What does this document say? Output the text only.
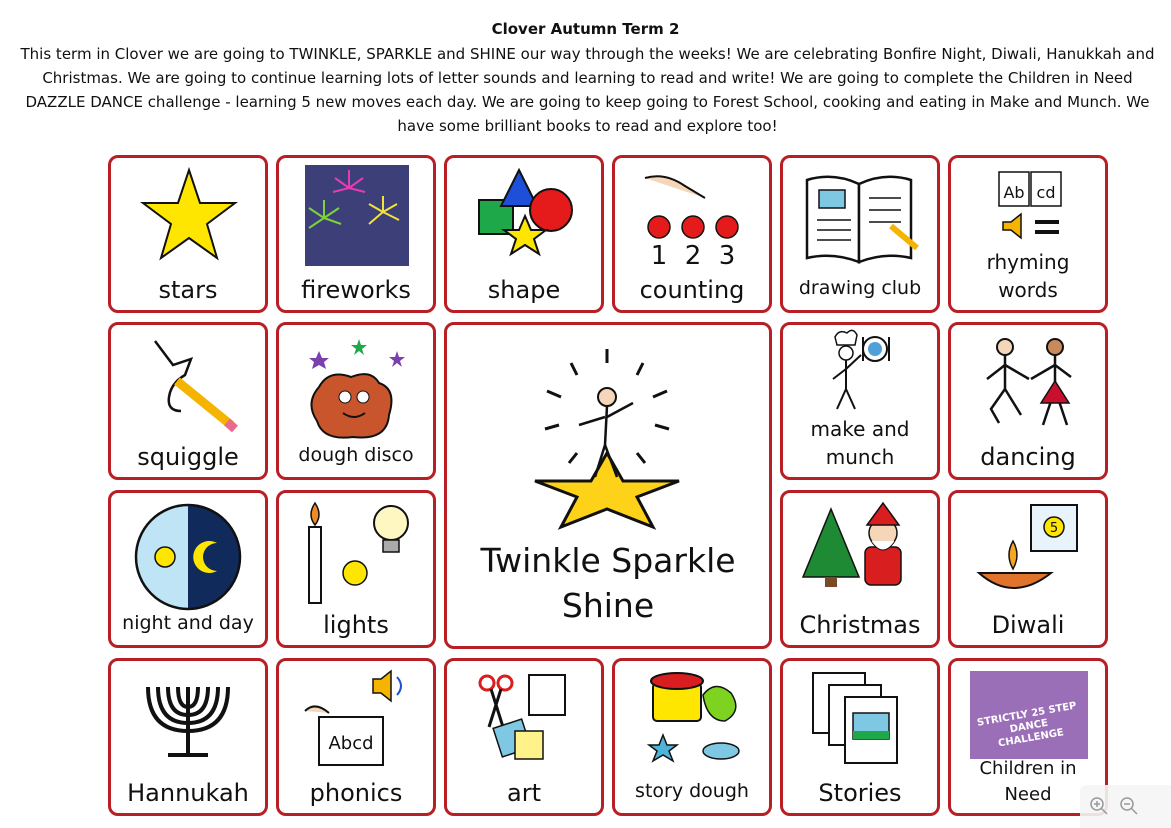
Clover Autumn Term 2
This term in Clover we are going to TWINKLE, SPARKLE and SHINE our way through the weeks! We are celebrating Bonfire Night, Diwali, Hanukkah and Christmas. We are going to continue learning lots of letter sounds and learning to read and write! We are going to complete the Children in Need DAZZLE DANCE challenge - learning 5 new moves each day. We are going to keep going to Forest School, cooking and eating in Make and Munch. We have some brilliant books to read and explore too!
stars	fireworks	shape
1 2 3
counting	drawing club
Ab cd
rhyming
words
squiggle	dough disco
Twinkle Sparkle
Shine
make and
munch	dancing
night and day	lights	Christmas
5
Diwali
Hannukah
Abcd
phonics	art	story dough	Stories
STRICTLY 25 STEP DANCE CHALLENGE
Children in
Need
